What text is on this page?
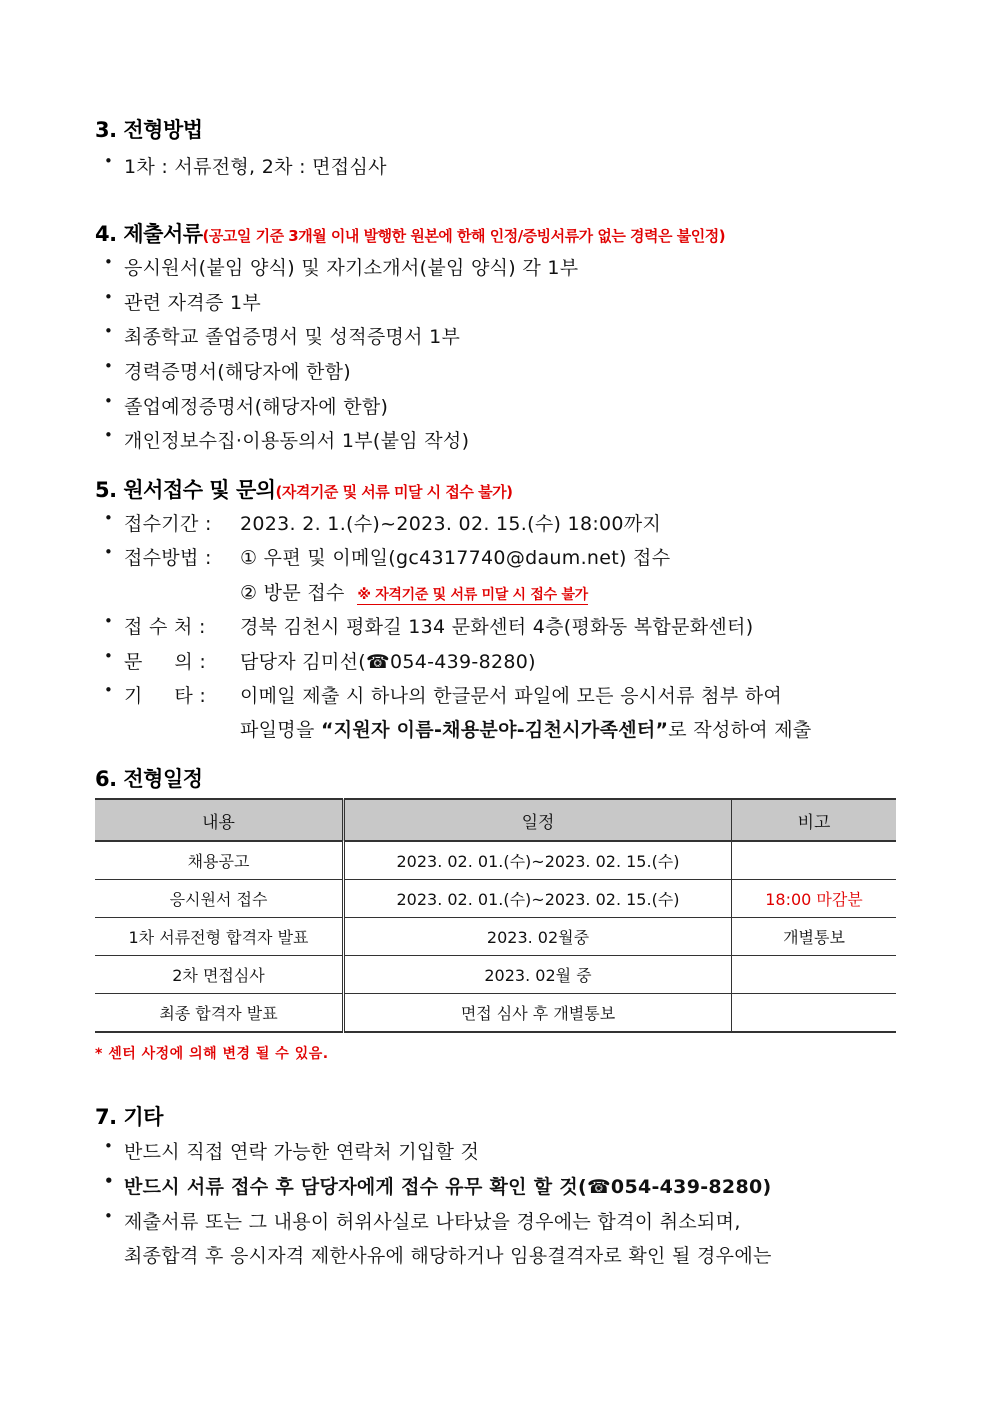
3. 전형방법
• 1차 : 서류전형, 2차 : 면접심사
4. 제출서류(공고일 기준 3개월 이내 발행한 원본에 한해 인정/증빙서류가 없는 경력은 불인정)
• 응시원서(붙임 양식) 및 자기소개서(붙임 양식) 각 1부
• 관련 자격증 1부
• 최종학교 졸업증명서 및 성적증명서 1부
• 경력증명서(해당자에 한함)
• 졸업예정증명서(해당자에 한함)
• 개인정보수집·이용동의서 1부(붙임 작성)
5. 원서접수 및 문의(자격기준 및 서류 미달 시 접수 불가)
• 접수기간 : 2023. 2. 1.(수)~2023. 02. 15.(수) 18:00까지
• 접수방법 : ① 우편 및 이메일(gc4317740@daum.net) 접수
② 방문 접수 ※ 자격기준 및 서류 미달 시 접수 불가
• 접 수 처 : 경북 김천시 평화길 134 문화센터 4층(평화동 복합문화센터)
• 문     의 : 담당자 김미선(☎054-439-8280)
• 기     타 : 이메일 제출 시 하나의 한글문서 파일에 모든 응시서류 첨부 하여
파일명을 “지원자 이름-채용분야-김천시가족센터”로 작성하여 제출
6. 전형일정
내용	일정	비고
채용공고	2023. 02. 01.(수)~2023. 02. 15.(수)	
응시원서 접수	2023. 02. 01.(수)~2023. 02. 15.(수)	18:00 마감분
1차 서류전형 합격자 발표	2023. 02월중	개별통보
2차 면접심사	2023. 02월 중	
최종 합격자 발표	면접 심사 후 개별통보	
* 센터 사정에 의해 변경 될 수 있음.
7. 기타
• 반드시 직접 연락 가능한 연락처 기입할 것
• 반드시 서류 접수 후 담당자에게 접수 유무 확인 할 것(☎054-439-8280)
• 제출서류 또는 그 내용이 허위사실로 나타났을 경우에는 합격이 취소되며,
최종합격 후 응시자격 제한사유에 해당하거나 임용결격자로 확인 될 경우에는
